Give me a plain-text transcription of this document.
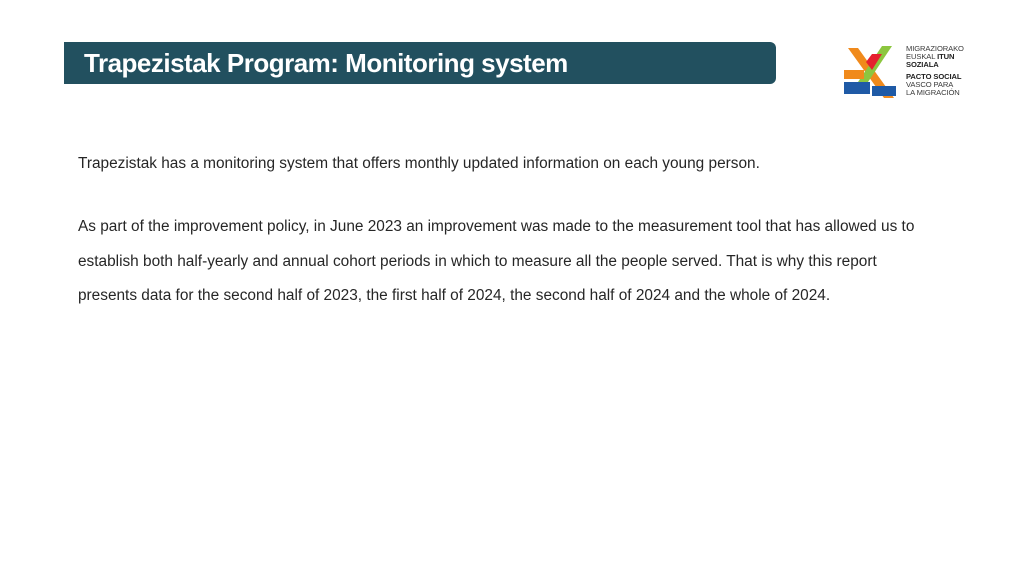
Trapezistak Program: Monitoring system	MIGRAZIORAKO
EUSKAL ITUN
SOZIALA
PACTO SOCIAL
VASCO PARA
LA MIGRACIÓN

Trapezistak has a monitoring system that offers monthly updated information on each young person.

As part of the improvement policy, in June 2023 an improvement was made to the measurement tool that has allowed us to establish both half-yearly and annual cohort periods in which to measure all the people served. That is why this report presents data for the second half of 2023, the first half of 2024, the second half of 2024 and the whole of 2024.
